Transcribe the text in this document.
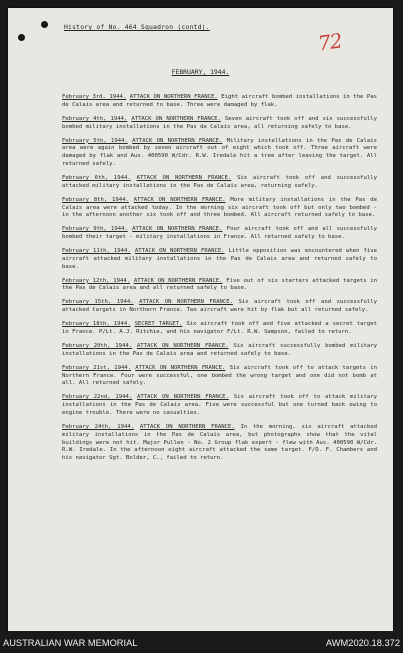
72
History of No. 464 Squadron (contd).
FEBRUARY, 1944.
February 3rd, 1944. ATTACK ON NORTHERN FRANCE. Eight aircraft bombed installations in the Pas de Calais area and returned to base. Three were damaged by flak.
February 4th, 1944. ATTACK ON NORTHERN FRANCE. Seven aircraft took off and six successfully bombed military installations in the Pas de Calais area, all returning safely to base.
February 5th, 1944. ATTACK ON NORTHERN FRANCE. Military installations in the Pas de Calais area were again bombed by seven aircraft out of eight which took off. Three aircraft were damaged by flak and Aus. 400590 W/Cdr. R.W. Iredale hit a tree after leaving the target. All returned safely.
February 6th, 1944. ATTACK ON NORTHERN FRANCE. Six aircraft took off and successfully attacked military installations in the Pas de Calais area, returning safely.
February 8th, 1944. ATTACK ON NORTHERN FRANCE. More military installations in the Pas de Calais area were attacked today. In the morning six aircraft took off but only two bombed - in the afternoon another six took off and three bombed. All aircraft returned safely to base.
February 9th, 1944. ATTACK ON NORTHERN FRANCE. Four aircraft took off and all successfully bombed their target - military installations in France. All returned safely to base.
February 11th, 1944. ATTACK ON NORTHERN FRANCE. Little opposition was encountered when five aircraft attacked military installations in the Pas de Calais area and returned safely to base.
February 12th, 1944. ATTACK ON NORTHERN FRANCE. Five out of six starters attacked targets in the Pas de Calais area and all returned safely to base.
February 15th, 1944. ATTACK ON NORTHERN FRANCE. Six aircraft took off and successfully attacked targets in Northern France. Two aircraft were hit by flak but all returned safely.
February 18th, 1944. SECRET TARGET. Six aircraft took off and five attacked a secret target in France. P/Lt. A.J. Ritchie, and his navigator F/Lt. R.W. Sampson, failed to return.
February 20th, 1944. ATTACK ON NORTHERN FRANCE. Six aircraft successfully bombed military installations in the Pas de Calais area and returned safely to base.
February 21st, 1944. ATTACK ON NORTHERN FRANCE. Six aircraft took off to attack targets in Northern France. Four were successful, one bombed the wrong target and one did not bomb at all. All returned safely.
February 22nd, 1944. ATTACK ON NORTHERN FRANCE. Six aircraft took off to attack military installations in the Pas de Calais area. Five were successful but one turned back owing to engine trouble. There were no casualties.
February 24th, 1944. ATTACK ON NORTHERN FRANCE. In the morning, six aircraft attacked military installations in the Pas de Calais area, but photographs show that the vital buildings were not hit. Major Pullen - No. 2 Group flak expert - flew with Aus. 400590 W/Cdr. R.W. Iredale. In the afternoon eight aircraft attacked the same target. F/O. F. Chambers and his navigator Sgt. Bolder, C., failed to return.
AUSTRALIAN WAR MEMORIAL	AWM2020.18.372
